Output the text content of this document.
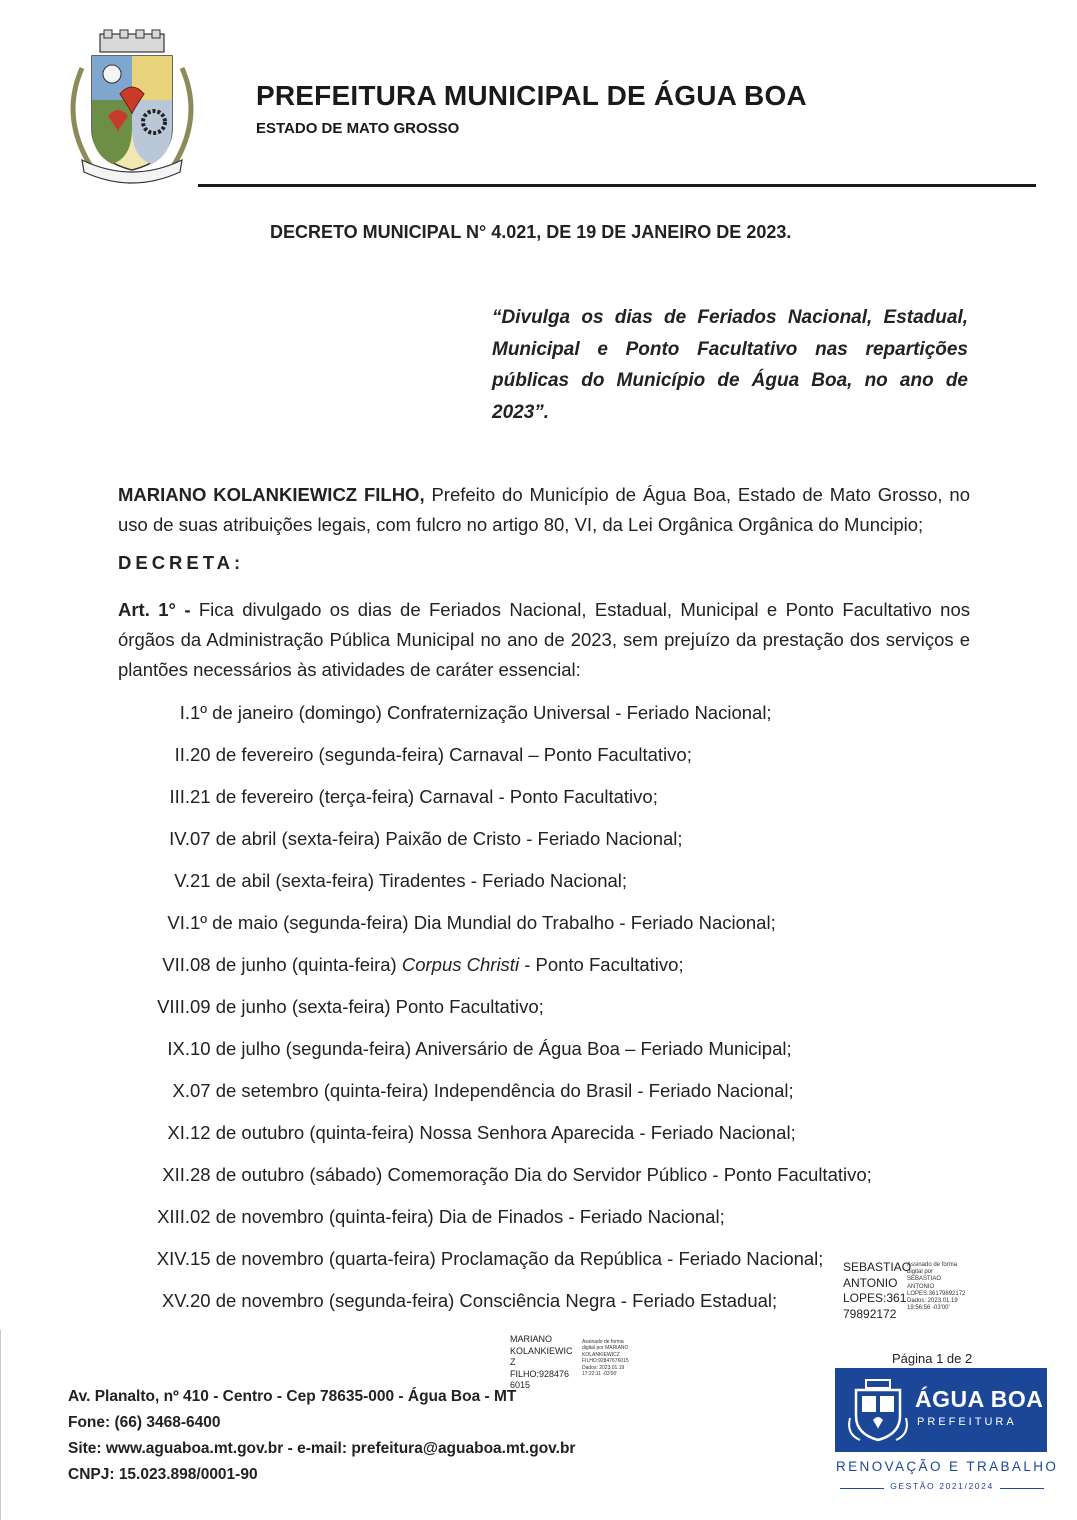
PREFEITURA MUNICIPAL DE ÁGUA BOA
ESTADO DE MATO GROSSO
DECRETO MUNICIPAL N° 4.021, DE 19 DE JANEIRO DE 2023.
“Divulga os dias de Feriados Nacional, Estadual, Municipal e Ponto Facultativo nas repartições públicas do Município de Água Boa, no ano de 2023”.
MARIANO KOLANKIEWICZ FILHO, Prefeito do Município de Água Boa, Estado de Mato Grosso, no uso de suas atribuições legais, com fulcro no artigo 80, VI, da Lei Orgânica Orgânica do Muncipio;
DECRETA:
Art. 1° - Fica divulgado os dias de Feriados Nacional, Estadual, Municipal e Ponto Facultativo nos órgãos da Administração Pública Municipal no ano de 2023, sem prejuízo da prestação dos serviços e plantões necessários às atividades de caráter essencial:
I.1º de janeiro (domingo) Confraternização Universal - Feriado Nacional;
II.20 de fevereiro (segunda-feira) Carnaval – Ponto Facultativo;
III.21 de fevereiro (terça-feira) Carnaval - Ponto Facultativo;
IV.07 de abril (sexta-feira) Paixão de Cristo - Feriado Nacional;
V.21 de abil (sexta-feira) Tiradentes - Feriado Nacional;
VI.1º de maio (segunda-feira) Dia Mundial do Trabalho - Feriado Nacional;
VII.08 de junho (quinta-feira) Corpus Christi - Ponto Facultativo;
VIII.09 de junho (sexta-feira) Ponto Facultativo;
IX.10 de julho (segunda-feira) Aniversário de Água Boa – Feriado Municipal;
X.07 de setembro (quinta-feira) Independência do Brasil - Feriado Nacional;
XI.12 de outubro (quinta-feira) Nossa Senhora Aparecida - Feriado Nacional;
XII.28 de outubro (sábado) Comemoração Dia do Servidor Público - Ponto Facultativo;
XIII.02 de novembro (quinta-feira) Dia de Finados - Feriado Nacional;
XIV.15 de novembro (quarta-feira) Proclamação da República - Feriado Nacional;
XV.20 de novembro (segunda-feira) Consciência Negra - Feriado Estadual;
SEBASTIAO
ANTONIO
LOPES:361
79892172
Assinado de forma
digital por
SEBASTIAO
ANTONIO
LOPES:36179892172
Dados: 2023.01.19
19:56:56 -03'00'
MARIANO
KOLANKIEWIC
Z
FILHO:928476
6015
Assinado de forma
digital por MARIANO
KOLANKIEWICZ
FILHO:92847676015
Dados: 2023.01.19
17:22:11 -03'00'
Página 1 de 2
Av. Planalto, nº 410 - Centro - Cep 78635-000 - Água Boa - MT
Fone: (66) 3468-6400
Site: www.aguaboa.mt.gov.br - e-mail: prefeitura@aguaboa.mt.gov.br
CNPJ: 15.023.898/0001-90
ÁGUA BOA
PREFEITURA
RENOVAÇÃO E TRABALHO
GESTÃO 2021/2024
